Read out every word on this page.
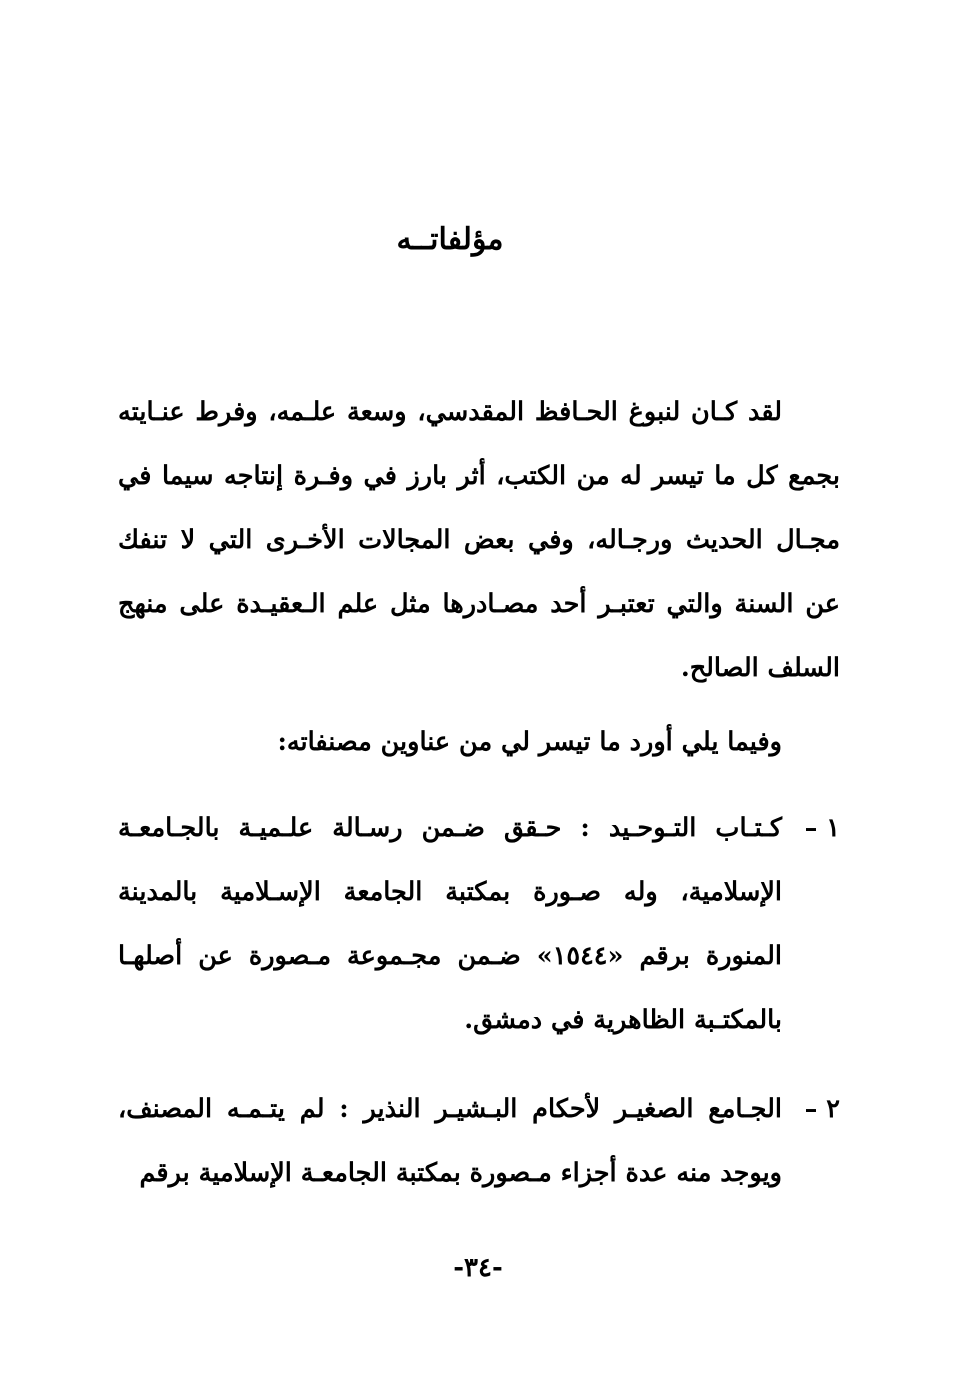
مؤلفاتــه

لقد كـان لنبوغ الحـافظ المقدسي، وسعة علـمه، وفرط عنـايته بجمع كل ما تيسر له من الكتب، أثر بارز في وفـرة إنتاجه سيما في مجـال الحديث ورجـاله، وفي بعض المجالات الأخـرى التي لا تنفك عن السنة والتي تعتبـر أحد مصـادرها مثل علم الـعقيـدة على منهج السلف الصالح.

وفيما يلي أورد ما تيسر لي من عناوين مصنفاته:

١ –
كـتـاب التـوحـيد : حـقق ضـمن رسـالة علـميـة بالجـامعـة الإسلامية، وله صـورة بمكتبة الجامعة الإسـلامية بالمدينة المنورة برقم «١٥٤٤» ضـمن مجـموعة مـصورة عن أصلهـا بالمكتـبة الظاهرية في دمشق.
٢ –
الجـامع الصغيـر لأحكام البـشيـر النذير : لم يتـمـه المصنف، ويوجد منه عدة أجزاء مـصورة بمكتبة الجامعـة الإسلامية برقم
-٣٤-
